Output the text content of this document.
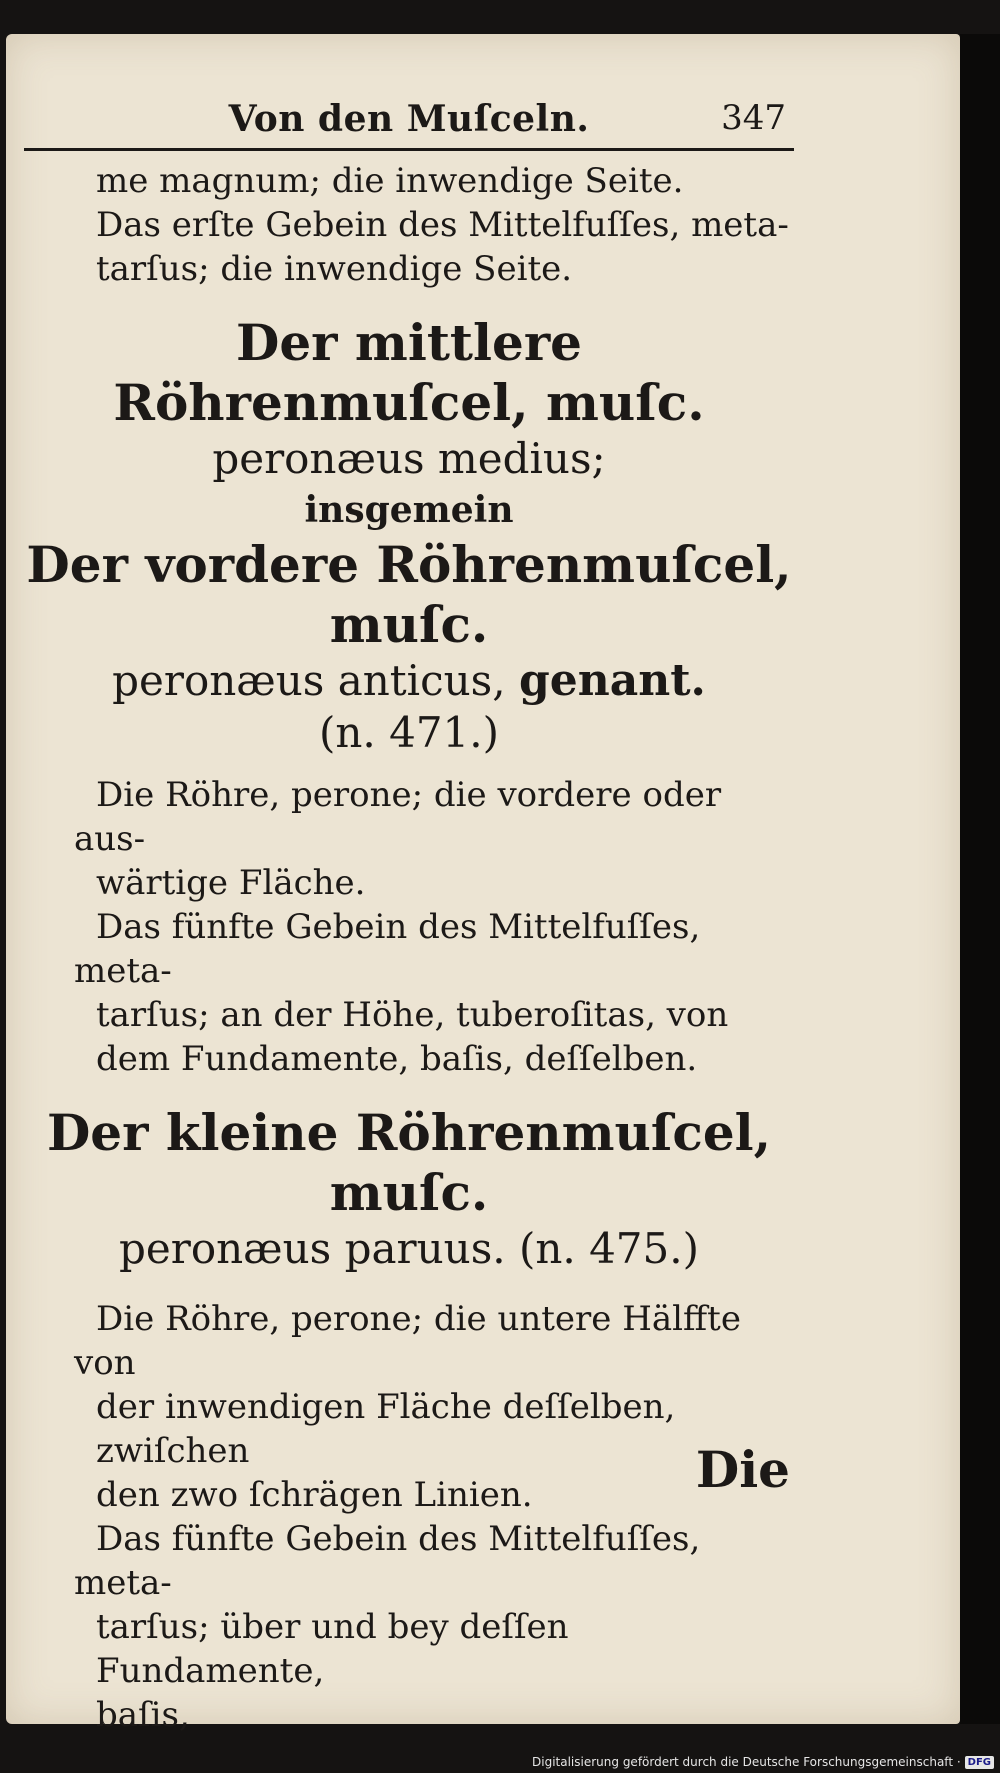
Von den Muſceln.	347
me magnum; die inwendige Seite.
Das erſte Gebein des Mittelfuſſes, meta-
tarſus; die inwendige Seite.
Der mittlere Röhrenmuſcel, muſc.
peronæus medius;
insgemein
Der vordere Röhrenmuſcel, muſc.
peronæus anticus, genant.
(n. 471.)
Die Röhre, perone; die vordere oder aus-
wärtige Fläche.
Das fünfte Gebein des Mittelfuſſes, meta-
tarſus; an der Höhe, tuberoſitas, von
dem Fundamente, baſis, deſſelben.
Der kleine Röhrenmuſcel, muſc.
peronæus paruus. (n. 475.)
Die Röhre, perone; die untere Hälffte von
der inwendigen Fläche deſſelben, zwiſchen
den zwo ſchrägen Linien.
Das fünfte Gebein des Mittelfuſſes, meta-
tarſus; über und bey deſſen Fundamente,
baſis,
Die
Digitalisierung gefördert durch die Deutsche Forschungsgemeinschaft · DFG
